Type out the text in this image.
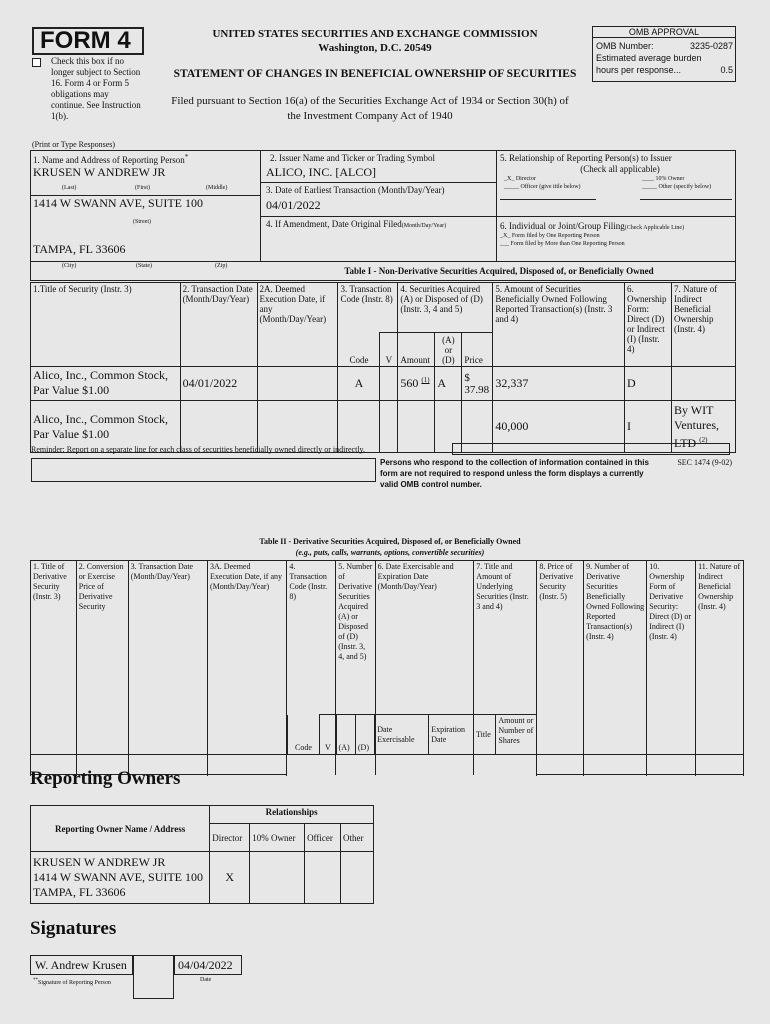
FORM 4
Check this box if no longer subject to Section 16. Form 4 or Form 5 obligations may continue. See Instruction 1(b).
UNITED STATES SECURITIES AND EXCHANGE COMMISSION
Washington, D.C. 20549
STATEMENT OF CHANGES IN BENEFICIAL OWNERSHIP OF SECURITIES
Filed pursuant to Section 16(a) of the Securities Exchange Act of 1934 or Section 30(h) of
the Investment Company Act of 1940
OMB APPROVAL
OMB Number:	3235-0287
Estimated average burden
hours per response...	0.5
(Print or Type Responses)
1. Name and Address of Reporting Person*
KRUSEN W ANDREW JR
(Last)	(First)	(Middle)
1414 W SWANN AVE, SUITE 100
(Street)
TAMPA, FL 33606
(City)	(State)	(Zip)
2. Issuer Name and Ticker or Trading Symbol
ALICO, INC. [ALCO]
3. Date of Earliest Transaction (Month/Day/Year)
04/01/2022
4. If Amendment, Date Original Filed(Month/Day/Year)
5. Relationship of Reporting Person(s) to Issuer
(Check all applicable)
_X_ Director	____ 10% Owner
_____ Officer (give title below)	_____ Other (specify below)
6. Individual or Joint/Group Filing(Check Applicable Line)
_X_ Form filed by One Reporting Person
___ Form filed by More than One Reporting Person
Table I - Non-Derivative Securities Acquired, Disposed of, or Beneficially Owned
1.Title of Security (Instr. 3)	2. Transaction Date (Month/Day/Year)	2A. Deemed Execution Date, if any (Month/Day/Year)	3. Transaction Code (Instr. 8)		4. Securities Acquired (A) or Disposed of (D) (Instr. 3, 4 and 5)			5. Amount of Securities Beneficially Owned Following Reported Transaction(s) (Instr. 3 and 4)	6. Ownership Form: Direct (D) or Indirect (I) (Instr. 4)	7. Nature of Indirect Beneficial Ownership (Instr. 4)
			Code	V	Amount	(A) or (D)	Price			
Alico, Inc., Common Stock, Par Value $1.00	04/01/2022		A		560 $^{(1)}$	A	$ 37.98	32,337	D	
Alico, Inc., Common Stock, Par Value $1.00								40,000	I	By WIT Ventures, LTD $^{(2)}$
Reminder: Report on a separate line for each class of securities beneficially owned directly or indirectly.
Persons who respond to the collection of information contained in this form are not required to respond unless the form displays a currently valid OMB control number.
SEC 1474 (9-02)
Table II - Derivative Securities Acquired, Disposed of, or Beneficially Owned
(e.g., puts, calls, warrants, options, convertible securities)
1. Title of Derivative Security (Instr. 3)	2. Conversion or Exercise Price of Derivative Security	3. Transaction Date (Month/Day/Year)	3A. Deemed Execution Date, if any (Month/Day/Year)	4. Transaction Code (Instr. 8)	5. Number of Derivative Securities Acquired (A) or Disposed of (D) (Instr. 3, 4, and 5)	6. Date Exercisable and Expiration Date (Month/Day/Year)	7. Title and Amount of Underlying Securities (Instr. 3 and 4)	8. Price of Derivative Security (Instr. 5)	9. Number of Derivative Securities Beneficially Owned Following Reported Transaction(s) (Instr. 4)	10. Ownership Form of Derivative Security: Direct (D) or Indirect (I) (Instr. 4)	11. Nature of Indirect Beneficial Ownership (Instr. 4)

				Code	V	(A)	(D)	Date Exercisable	Expiration Date	Title	Amount or Number of Shares				
Reporting Owners
Reporting Owner Name / Address	Relationships			
	Director	10% Owner	Officer	Other

KRUSEN W ANDREW JR
1414 W SWANN AVE, SUITE 100
TAMPA, FL 33606	X			
Signatures
W. Andrew Krusen	04/04/2022
**Signature of Reporting Person	Date
